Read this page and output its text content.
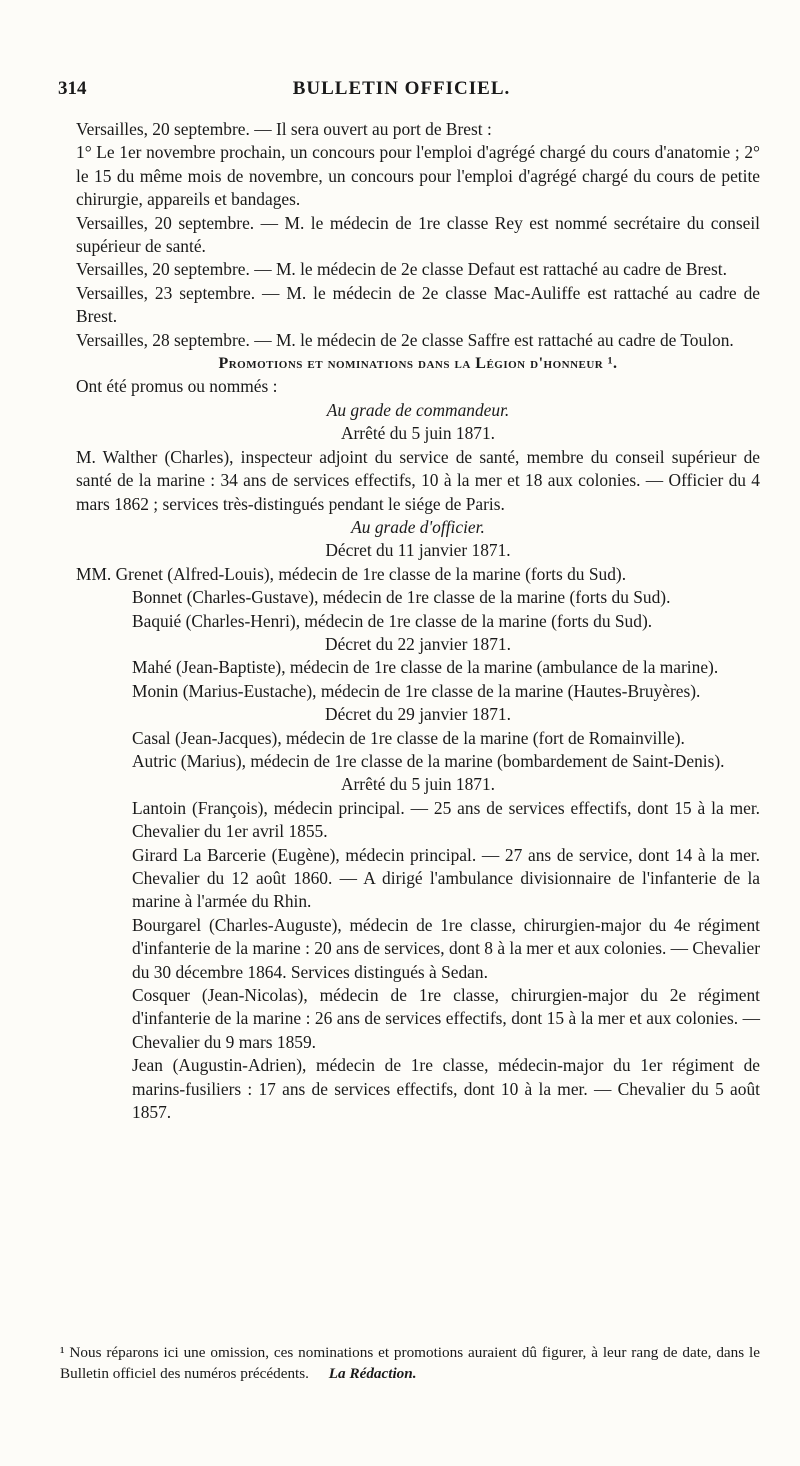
314	BULLETIN OFFICIEL.

Versailles, 20 septembre. — Il sera ouvert au port de Brest :

1° Le 1er novembre prochain, un concours pour l'emploi d'agrégé chargé du cours d'anatomie ; 2° le 15 du même mois de novembre, un concours pour l'emploi d'agrégé chargé du cours de petite chirurgie, appareils et bandages.

Versailles, 20 septembre. — M. le médecin de 1re classe Rey est nommé secrétaire du conseil supérieur de santé.

Versailles, 20 septembre. — M. le médecin de 2e classe Defaut est rattaché au cadre de Brest.

Versailles, 23 septembre. — M. le médecin de 2e classe Mac-Auliffe est rattaché au cadre de Brest.

Versailles, 28 septembre. — M. le médecin de 2e classe Saffre est rattaché au cadre de Toulon.

Promotions et nominations dans la Légion d'honneur ¹.

Ont été promus ou nommés :

Au grade de commandeur.

Arrêté du 5 juin 1871.

M. Walther (Charles), inspecteur adjoint du service de santé, membre du conseil supérieur de santé de la marine : 34 ans de services effectifs, 10 à la mer et 18 aux colonies. — Officier du 4 mars 1862 ; services très-distingués pendant le siége de Paris.

Au grade d'officier.

Décret du 11 janvier 1871.

MM. Grenet (Alfred-Louis), médecin de 1re classe de la marine (forts du Sud).

Bonnet (Charles-Gustave), médecin de 1re classe de la marine (forts du Sud).

Baquié (Charles-Henri), médecin de 1re classe de la marine (forts du Sud).

Décret du 22 janvier 1871.

Mahé (Jean-Baptiste), médecin de 1re classe de la marine (ambulance de la marine).

Monin (Marius-Eustache), médecin de 1re classe de la marine (Hautes-Bruyères).

Décret du 29 janvier 1871.

Casal (Jean-Jacques), médecin de 1re classe de la marine (fort de Romainville).

Autric (Marius), médecin de 1re classe de la marine (bombardement de Saint-Denis).

Arrêté du 5 juin 1871.

Lantoin (François), médecin principal. — 25 ans de services effectifs, dont 15 à la mer. Chevalier du 1er avril 1855.

Girard La Barcerie (Eugène), médecin principal. — 27 ans de service, dont 14 à la mer. Chevalier du 12 août 1860. — A dirigé l'ambulance divisionnaire de l'infanterie de la marine à l'armée du Rhin.

Bourgarel (Charles-Auguste), médecin de 1re classe, chirurgien-major du 4e régiment d'infanterie de la marine : 20 ans de services, dont 8 à la mer et aux colonies. — Chevalier du 30 décembre 1864. Services distingués à Sedan.

Cosquer (Jean-Nicolas), médecin de 1re classe, chirurgien-major du 2e régiment d'infanterie de la marine : 26 ans de services effectifs, dont 15 à la mer et aux colonies. — Chevalier du 9 mars 1859.

Jean (Augustin-Adrien), médecin de 1re classe, médecin-major du 1er régiment de marins-fusiliers : 17 ans de services effectifs, dont 10 à la mer. — Chevalier du 5 août 1857.

¹ Nous réparons ici une omission, ces nominations et promotions auraient dû figurer, à leur rang de date, dans le Bulletin officiel des numéros précédents. La Rédaction.
